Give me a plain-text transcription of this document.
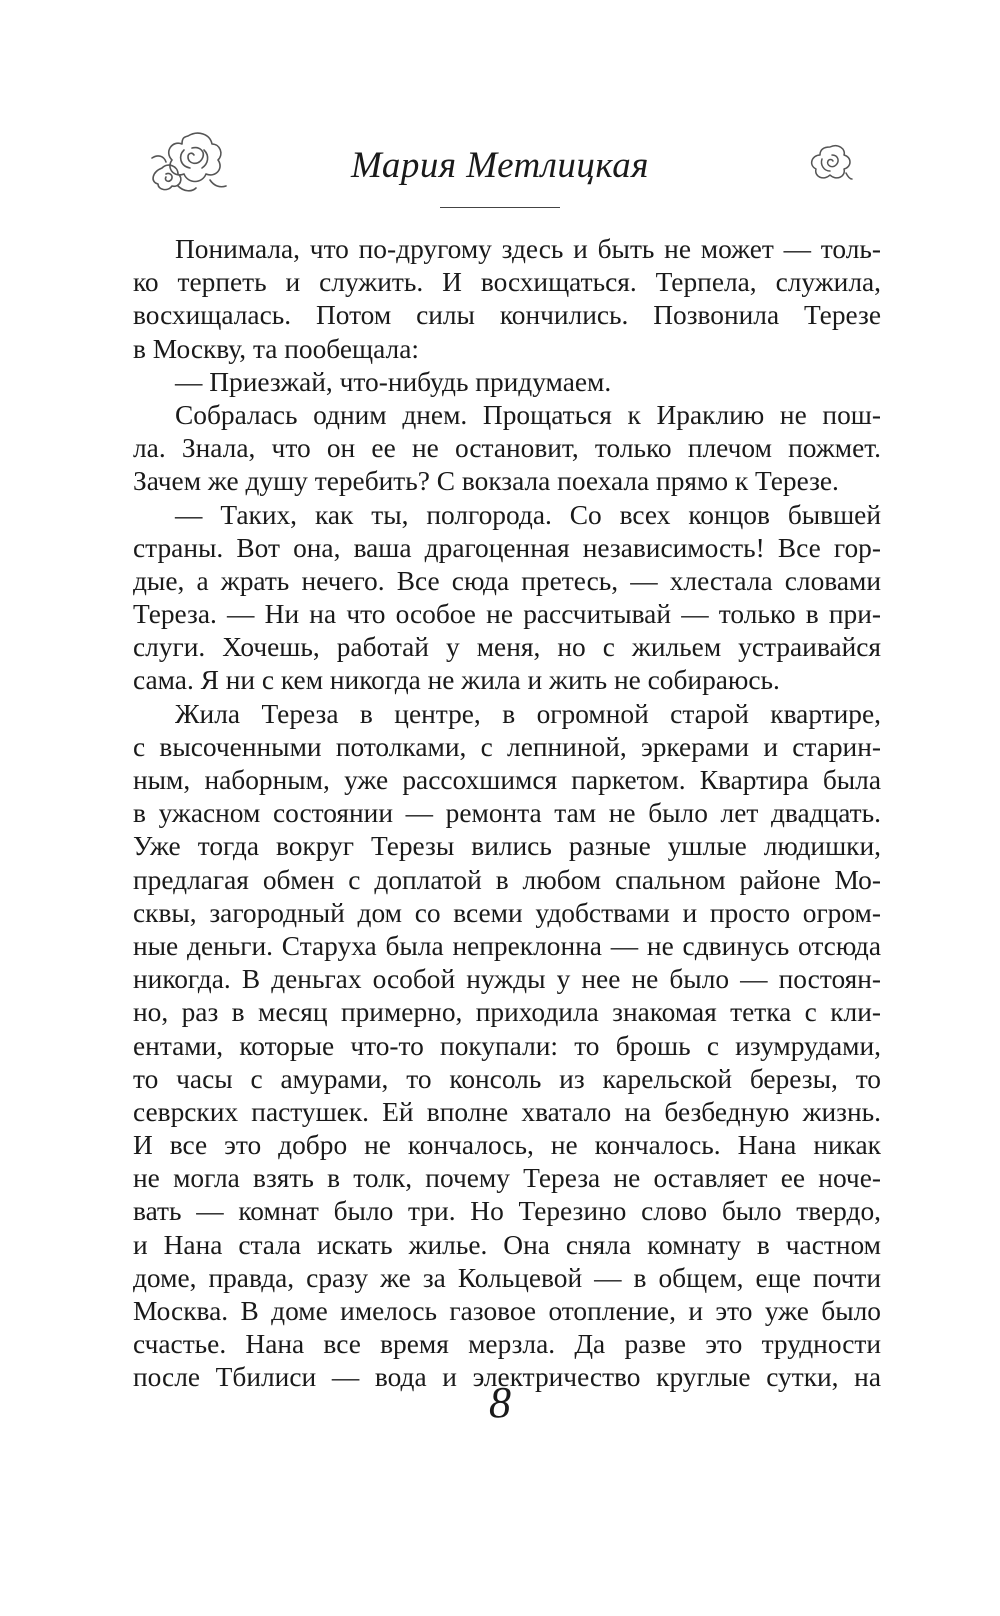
Мария Метлицкая
Понимала, что по-другому здесь и быть не может — толь-
ко терпеть и служить. И восхищаться. Терпела, служила,
восхищалась. Потом силы кончились. Позвонила Терезе
в Москву, та пообещала:
— Приезжай, что-нибудь придумаем.
Собралась одним днем. Прощаться к Ираклию не пош-
ла. Знала, что он ее не остановит, только плечом пожмет.
Зачем же душу теребить? С вокзала поехала прямо к Терезе.
— Таких, как ты, полгорода. Со всех концов бывшей
страны. Вот она, ваша драгоценная независимость! Все гор-
дые, а жрать нечего. Все сюда претесь, — хлестала словами
Тереза. — Ни на что особое не рассчитывай — только в при-
слуги. Хочешь, работай у меня, но с жильем устраивайся
сама. Я ни с кем никогда не жила и жить не собираюсь.
Жила Тереза в центре, в огромной старой квартире,
с высоченными потолками, с лепниной, эркерами и старин-
ным, наборным, уже рассохшимся паркетом. Квартира была
в ужасном состоянии — ремонта там не было лет двадцать.
Уже тогда вокруг Терезы вились разные ушлые людишки,
предлагая обмен с доплатой в любом спальном районе Мо-
сквы, загородный дом со всеми удобствами и просто огром-
ные деньги. Старуха была непреклонна — не сдвинусь отсюда
никогда. В деньгах особой нужды у нее не было — постоян-
но, раз в месяц примерно, приходила знакомая тетка с кли-
ентами, которые что-то покупали: то брошь с изумрудами,
то часы с амурами, то консоль из карельской березы, то
севрских пастушек. Ей вполне хватало на безбедную жизнь.
И все это добро не кончалось, не кончалось. Нана никак
не могла взять в толк, почему Тереза не оставляет ее ноче-
вать — комнат было три. Но Терезино слово было твердо,
и Нана стала искать жилье. Она сняла комнату в частном
доме, правда, сразу же за Кольцевой — в общем, еще почти
Москва. В доме имелось газовое отопление, и это уже было
счастье. Нана все время мерзла. Да разве это трудности
после Тбилиси — вода и электричество круглые сутки, на
8
